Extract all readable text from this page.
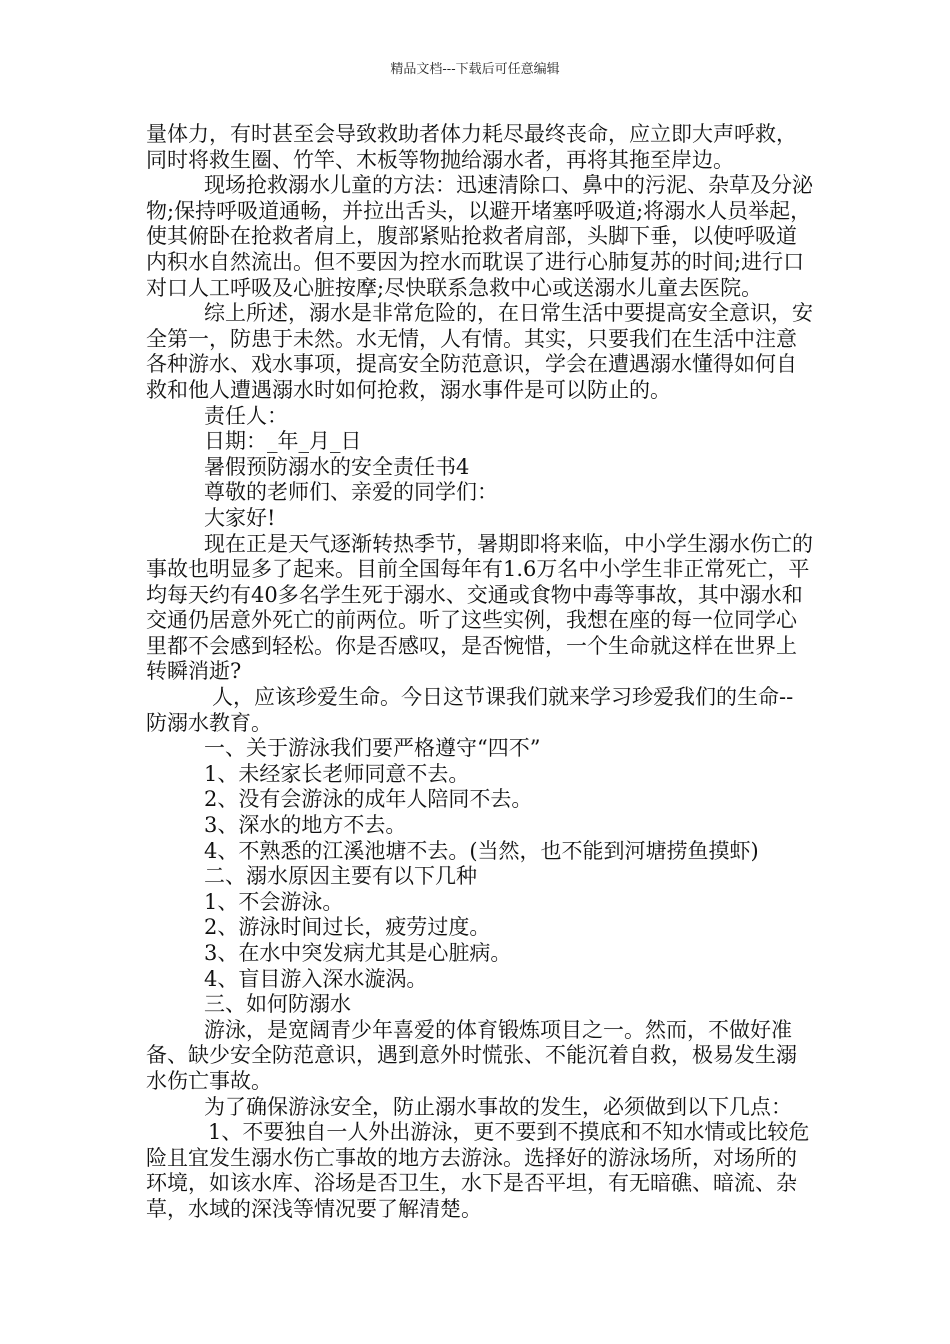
精品文档---下载后可任意编辑

量体力，有时甚至会导致救助者体力耗尽最终丧命，应立即大声呼救，同时将救生圈、竹竿、木板等物抛给溺水者，再将其拖至岸边。

现场抢救溺水儿童的方法：迅速清除口、鼻中的污泥、杂草及分泌物;保持呼吸道通畅，并拉出舌头，以避开堵塞呼吸道;将溺水人员举起，使其俯卧在抢救者肩上，腹部紧贴抢救者肩部，头脚下垂，以使呼吸道内积水自然流出。但不要因为控水而耽误了进行心肺复苏的时间;进行口对口人工呼吸及心脏按摩;尽快联系急救中心或送溺水儿童去医院。

综上所述，溺水是非常危险的，在日常生活中要提高安全意识，安全第一，防患于未然。水无情，人有情。其实，只要我们在生活中注意各种游水、戏水事项，提高安全防范意识，学会在遭遇溺水懂得如何自救和他人遭遇溺水时如何抢救，溺水事件是可以防止的。

责任人：

日期：_年_月_日

暑假预防溺水的安全责任书4

尊敬的老师们、亲爱的同学们：

大家好!

现在正是天气逐渐转热季节，暑期即将来临，中小学生溺水伤亡的事故也明显多了起来。目前全国每年有1.6万名中小学生非正常死亡，平均每天约有40多名学生死于溺水、交通或食物中毒等事故，其中溺水和交通仍居意外死亡的前两位。听了这些实例，我想在座的每一位同学心里都不会感到轻松。你是否感叹，是否惋惜，一个生命就这样在世界上转瞬消逝?

人，应该珍爱生命。今日这节课我们就来学习珍爱我们的生命--防溺水教育。

一、关于游泳我们要严格遵守“四不”

1、未经家长老师同意不去。

2、没有会游泳的成年人陪同不去。

3、深水的地方不去。

4、不熟悉的江溪池塘不去。(当然，也不能到河塘捞鱼摸虾)

二、溺水原因主要有以下几种

1、不会游泳。

2、游泳时间过长，疲劳过度。

3、在水中突发病尤其是心脏病。

4、盲目游入深水漩涡。

三、如何防溺水

游泳，是宽阔青少年喜爱的体育锻炼项目之一。然而，不做好准备、缺少安全防范意识，遇到意外时慌张、不能沉着自救，极易发生溺水伤亡事故。

为了确保游泳安全，防止溺水事故的发生，必须做到以下几点：

1、不要独自一人外出游泳，更不要到不摸底和不知水情或比较危险且宜发生溺水伤亡事故的地方去游泳。选择好的游泳场所，对场所的环境，如该水库、浴场是否卫生，水下是否平坦，有无暗礁、暗流、杂草，水域的深浅等情况要了解清楚。
